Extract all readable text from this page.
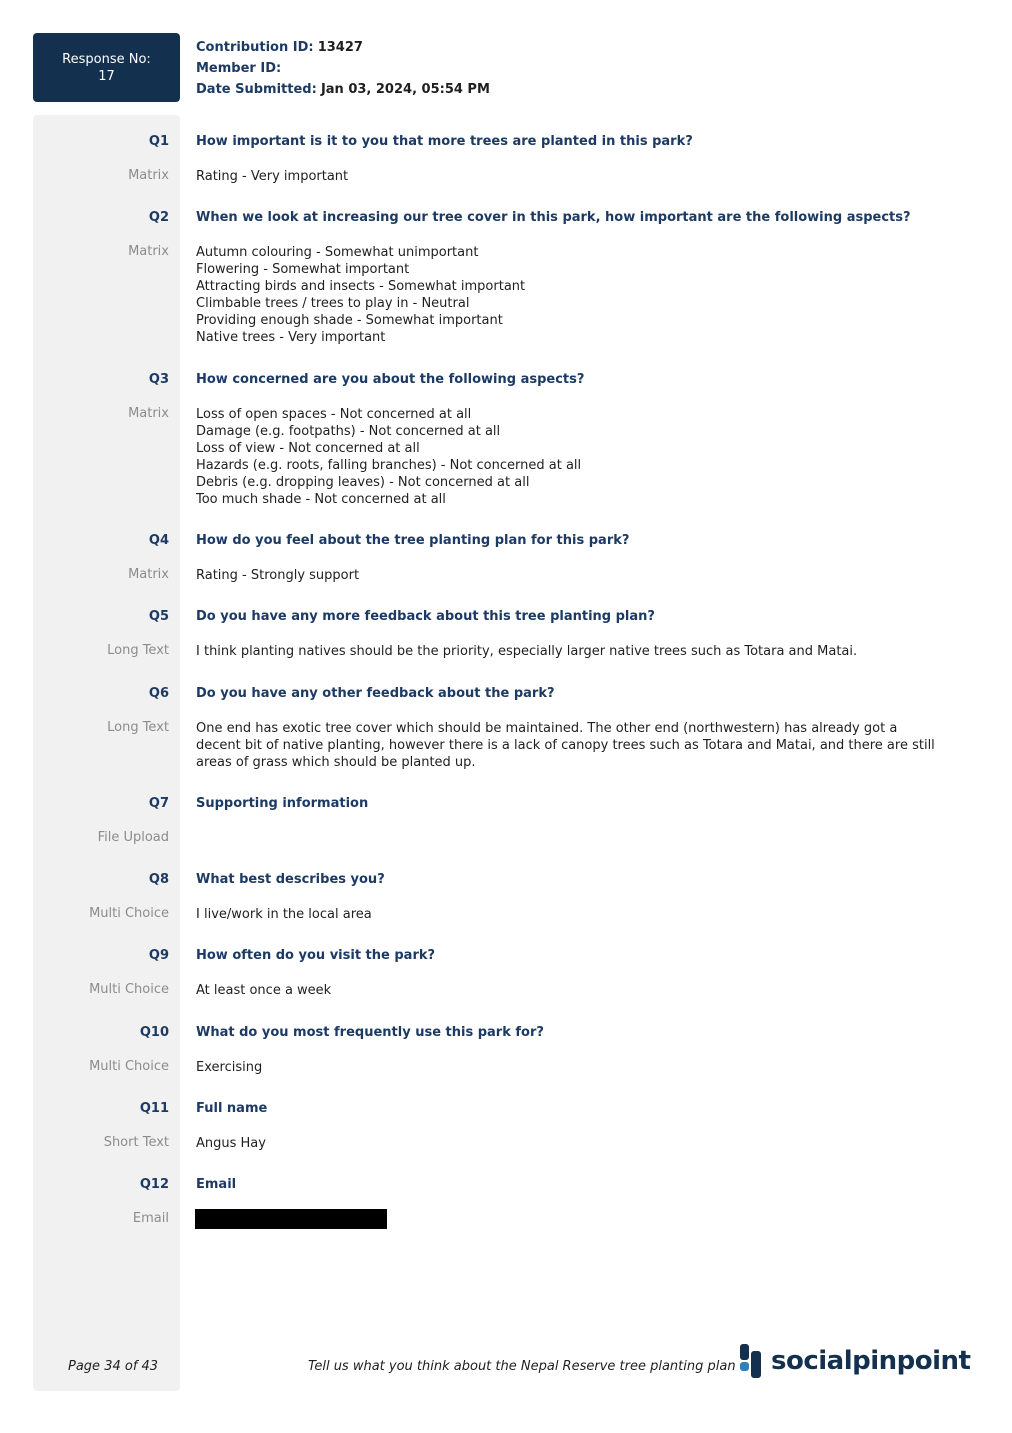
Response No:
17
Contribution ID: 13427
Member ID:
Date Submitted: Jan 03, 2024, 05:54 PM
Q1 How important is it to you that more trees are planted in this park?
Matrix Rating - Very important
Q2 When we look at increasing our tree cover in this park, how important are the following aspects?
Matrix Autumn colouring - Somewhat unimportant
Flowering - Somewhat important
Attracting birds and insects - Somewhat important
Climbable trees / trees to play in - Neutral
Providing enough shade - Somewhat important
Native trees - Very important
Q3 How concerned are you about the following aspects?
Matrix Loss of open spaces - Not concerned at all
Damage (e.g. footpaths) - Not concerned at all
Loss of view - Not concerned at all
Hazards (e.g. roots, falling branches) - Not concerned at all
Debris (e.g. dropping leaves) - Not concerned at all
Too much shade - Not concerned at all
Q4 How do you feel about the tree planting plan for this park?
Matrix Rating - Strongly support
Q5 Do you have any more feedback about this tree planting plan?
Long Text I think planting natives should be the priority, especially larger native trees such as Totara and Matai.
Q6 Do you have any other feedback about the park?
Long Text One end has exotic tree cover which should be maintained. The other end (northwestern) has already got a decent bit of native planting, however there is a lack of canopy trees such as Totara and Matai, and there are still areas of grass which should be planted up.
Q7 Supporting information
File Upload
Q8 What best describes you?
Multi Choice I live/work in the local area
Q9 How often do you visit the park?
Multi Choice At least once a week
Q10 What do you most frequently use this park for?
Multi Choice Exercising
Q11 Full name
Short Text Angus Hay
Q12 Email
Email
Page 34 of 43	Tell us what you think about the Nepal Reserve tree planting plan socialpinpoint
